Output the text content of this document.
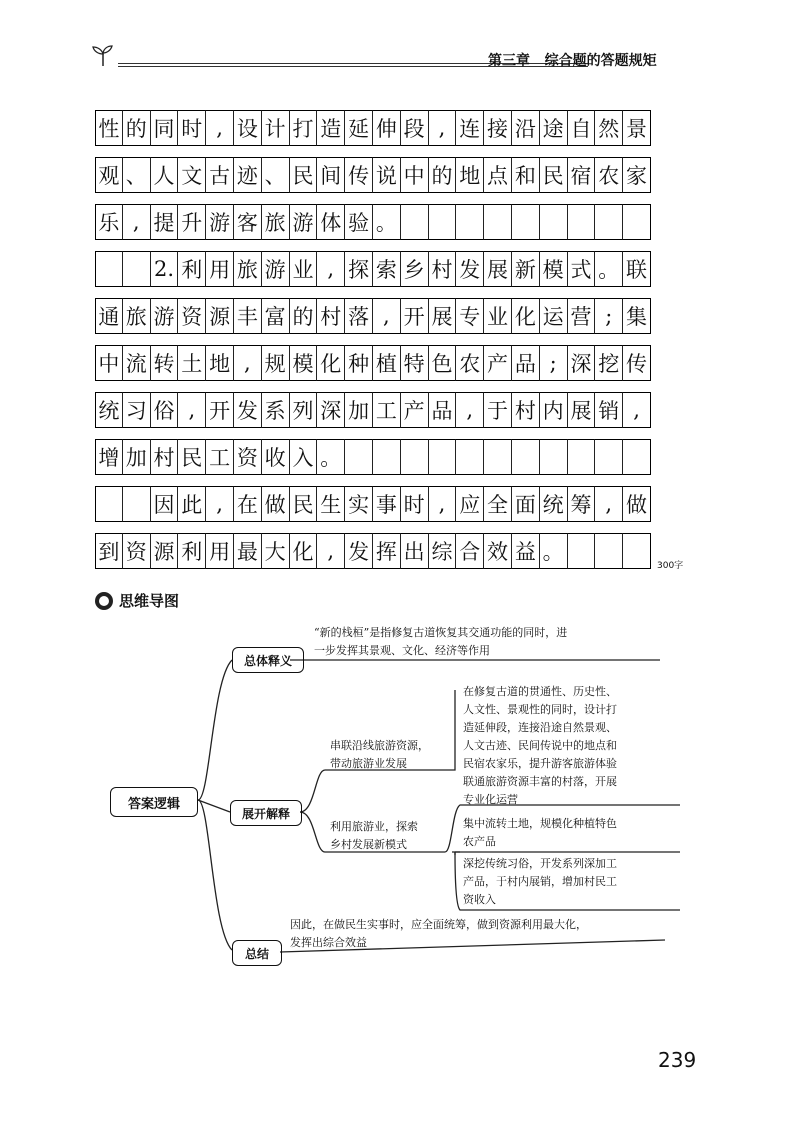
第三章   综合题的答题规矩
性 的 同 时 , 设 计 打 造 延 伸 段 , 连 接 沿 途 自 然 景
观 、 人 文 古 迹 、 民 间 传 说 中 的 地 点 和 民 宿 农 家
乐 , 提 升 游 客 旅 游 体 验 。
2. 利 用 旅 游 业 , 探 索 乡 村 发 展 新 模 式 。 联
通 旅 游 资 源 丰 富 的 村 落 , 开 展 专 业 化 运 营 ; 集
中 流 转 土 地 , 规 模 化 种 植 特 色 农 产 品 ; 深 挖 传
统 习 俗 , 开 发 系 列 深 加 工 产 品 , 于 村 内 展 销 ,
增 加 村 民 工 资 收 入 。
因 此 , 在 做 民 生 实 事 时 , 应 全 面 统 筹 , 做
到 资 源 利 用 最 大 化 , 发 挥 出 综 合 效 益 。
300字
思维导图
答案逻辑
总体释义
展开解释
总结
“新的栈桓”是指修复古道恢复其交通功能的同时，进
一步发挥其景观、文化、经济等作用
串联沿线旅游资源，
带动旅游业发展
在修复古道的贯通性、历史性、
人文性、景观性的同时，设计打
造延伸段，连接沿途自然景观、
人文古迹、民间传说中的地点和
民宿农家乐，提升游客旅游体验
利用旅游业，探索
乡村发展新模式
联通旅游资源丰富的村落，开展
专业化运营
集中流转土地，规模化种植特色
农产品
深挖传统习俗，开发系列深加工
产品，于村内展销，增加村民工
资收入
因此，在做民生实事时，应全面统筹，做到资源利用最大化，
发挥出综合效益
239
